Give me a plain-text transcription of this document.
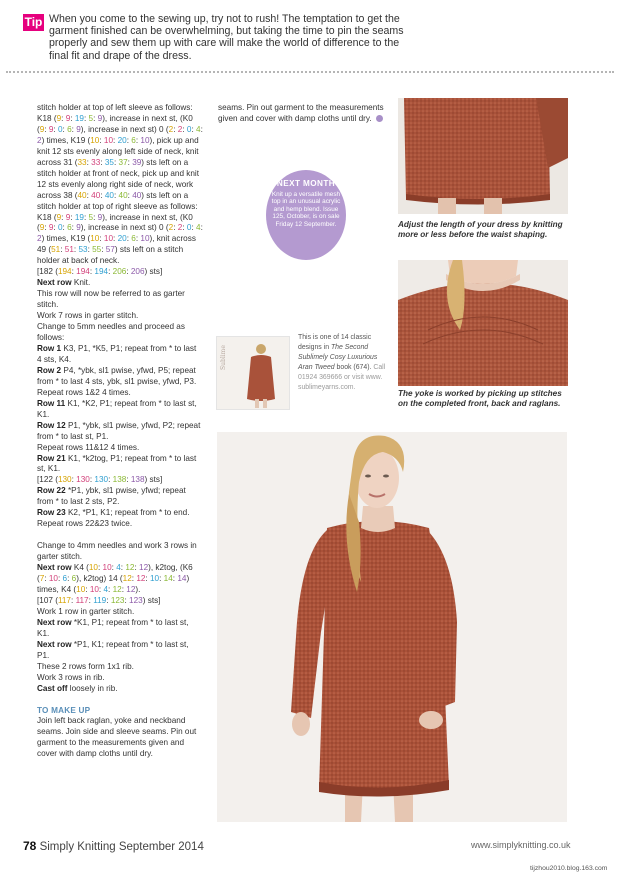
Tip When you come to the sewing up, try not to rush! The temptation to get the garment finished can be overwhelming, but taking the time to pin the seams properly and sew them up with care will make the world of difference to the final fit and drape of the dress.

stitch holder at top of left sleeve as follows: K18 (9: 9: 19: 5: 9), increase in next st, (K0 (9: 9: 0: 6: 9), increase in next st) 0 (2: 2: 0: 4: 2) times, K19 (10: 10: 20: 6: 10), pick up and knit 12 sts evenly along left side of neck, knit across 31 (33: 33: 35: 37: 39) sts left on a stitch holder at front of neck, pick up and knit 12 sts evenly along right side of neck, work across 38 (40: 40: 40: 40: 40) sts left on a stitch holder at top of right sleeve as follows: K18 (9: 9: 19: 5: 9), increase in next st, (K0 (9: 9: 0: 6: 9), increase in next st) 0 (2: 2: 0: 4: 2) times, K19 (10: 10: 20: 6: 10), knit across 49 (51: 51: 53: 55: 57) sts left on a stitch holder at back of neck.

[182 (194: 194: 194: 206: 206) sts]

Next row Knit.

This row will now be referred to as garter stitch.

Work 7 rows in garter stitch.

Change to 5mm needles and proceed as follows:

Row 1 K3, P1, *K5, P1; repeat from * to last 4 sts, K4.

Row 2 P4, *ybk, sl1 pwise, yfwd, P5; repeat from * to last 4 sts, ybk, sl1 pwise, yfwd, P3.

Repeat rows 1&2 4 times.

Row 11 K1, *K2, P1; repeat from * to last st, K1.

Row 12 P1, *ybk, sl1 pwise, yfwd, P2; repeat from * to last st, P1.

Repeat rows 11&12 4 times.

Row 21 K1, *k2tog, P1; repeat from * to last st, K1.

[122 (130: 130: 130: 138: 138) sts]

Row 22 *P1, ybk, sl1 pwise, yfwd; repeat from * to last 2 sts, P2.

Row 23 K2, *P1, K1; repeat from * to end.

Repeat rows 22&23 twice.

Change to 4mm needles and work 3 rows in garter stitch.

Next row K4 (10: 10: 4: 12: 12), k2tog, (K6 (7: 10: 6: 6), k2tog) 14 (12: 12: 10: 14: 14) times, K4 (10: 10: 4: 12: 12).

[107 (117: 117: 119: 123: 123) sts]

Work 1 row in garter stitch.

Next row *K1, P1; repeat from * to last st, K1.

Next row *P1, K1; repeat from * to last st, P1.

These 2 rows form 1x1 rib.

Work 3 rows in rib.

Cast off loosely in rib.

TO MAKE UP

Join left back raglan, yoke and neckband seams. Join side and sleeve seams. Pin out garment to the measurements given and cover with damp cloths until dry.

seams. Pin out garment to the measurements given and cover with damp cloths until dry.
NEXT MONTH
Knit up a versatile mesh top in an unusual acrylic and hemp blend. Issue 125, October, is on sale Friday 12 September.
Sublime
This is one of 14 classic designs in The Second Sublimely Cosy Luxurious Aran Tweed book (674). Call 01924 369666 or visit www. sublimeyarns.com.
Adjust the length of your dress by knitting more or less before the waist shaping.
The yoke is worked by picking up stitches on the completed front, back and raglans.
78 Simply Knitting September 2014	www.simplyknitting.co.uk
tijzhou2010.blog.163.com
